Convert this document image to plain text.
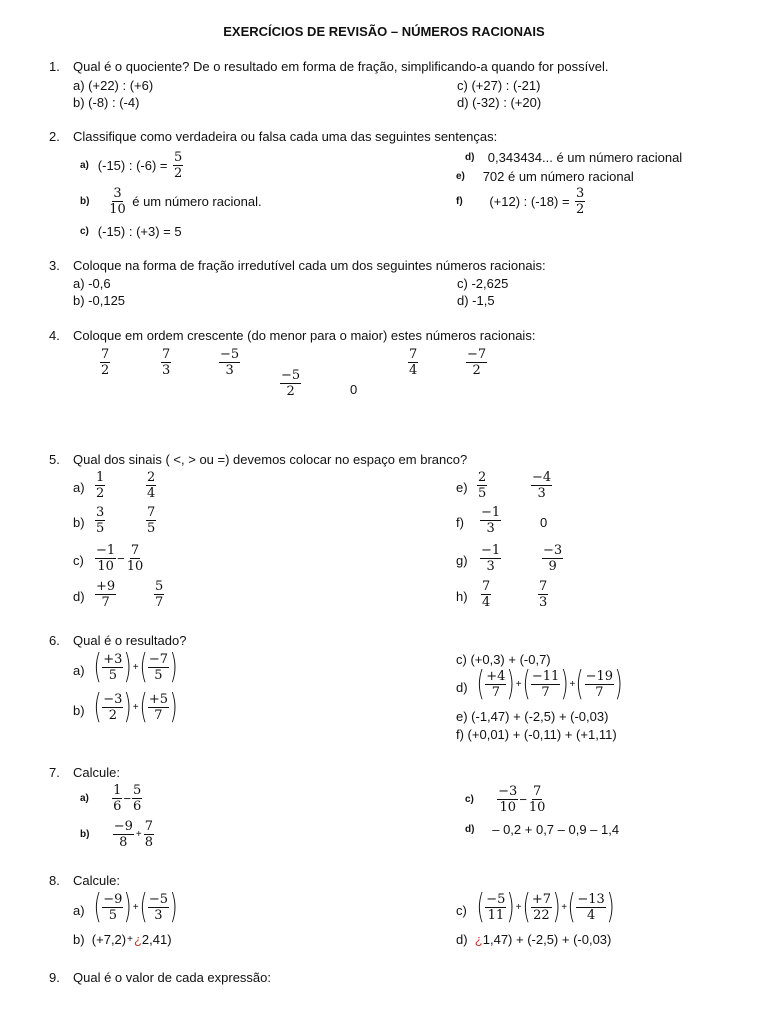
EXERCÍCIOS DE REVISÃO – NÚMEROS RACIONAIS
1. Qual é o quociente? De o resultado em forma de fração, simplificando-a quando for possível.
a) (+22) : (+6)
b) (-8) : (-4)
c) (+27) : (-21)
d) (-32) : (+20)
2. Classifique como verdadeira ou falsa cada uma das seguintes sentenças:
a)
(-15) : (-6) =
$\frac{5}{2}$
b)
$\frac{3}{10}$
é um número racional.
c)
(-15) : (+3) = 5
d)
0,343434... é um número racional
e)
702 é um número racional
f)
(+12) : (-18) =
$\frac{3}{2}$
3. Coloque na forma de fração irredutível cada um dos seguintes números racionais:
a) -0,6
b) -0,125
c) -2,625
d) -1,5
4. Coloque em ordem crescente (do menor para o maior) estes números racionais:
$\frac{7}{2}$	$\frac{7}{3}$	$\frac{-5}{3}$
$\frac{-5}{2}$	0
$\frac{7}{4}$	$\frac{-7}{2}$
5. Qual dos sinais ( <, > ou =) devemos colocar no espaço em branco?
$a) \frac{1}{2}$	$\frac{2}{4}$
$b) \frac{3}{5}$	$\frac{7}{5}$
$c) \frac{-1}{10} - \frac{7}{10}$
$d) \frac{+9}{7}$	$\frac{5}{7}$
$e) \frac{2}{5}$	$\frac{-4}{3}$
$f) \frac{-1}{3}$	0
$g) \frac{-1}{3}$	$\frac{-3}{9}$
$h) \frac{7}{4}$	$\frac{7}{3}$
6. Qual é o resultado?
a) ( $\frac{+3}{5}$ ) + ( $\frac{-7}{5}$ )
b) ( $\frac{-3}{2}$ ) + ( $\frac{+5}{7}$ )
c) (+0,3) + (-0,7)
d) ( $\frac{+4}{7}$ ) + ( $\frac{-11}{7}$ ) + ( $\frac{-19}{7}$ )
e) (-1,47) + (-2,5) + (-0,03)
f) (+0,01) + (-0,11) + (+1,11)
7. Calcule:
a)
$\frac{1}{6} - \frac{5}{6}$
b)
$\frac{-9}{8} + \frac{7}{8}$
c)
$\frac{-3}{10} - \frac{7}{10}$
d)
– 0,2 + 0,7 – 0,9 – 1,4
8. Calcule:
a) ( $\frac{-9}{5}$ ) + ( $\frac{-5}{3}$ )
b)
(+7,2) + ¿ 2,41)
c) ( $\frac{-5}{11}$ ) + ( $\frac{+7}{22}$ ) + ( $\frac{-13}{4}$ )
d)
¿ 1,47) + (-2,5) + (-0,03)
9. Qual é o valor de cada expressão:
